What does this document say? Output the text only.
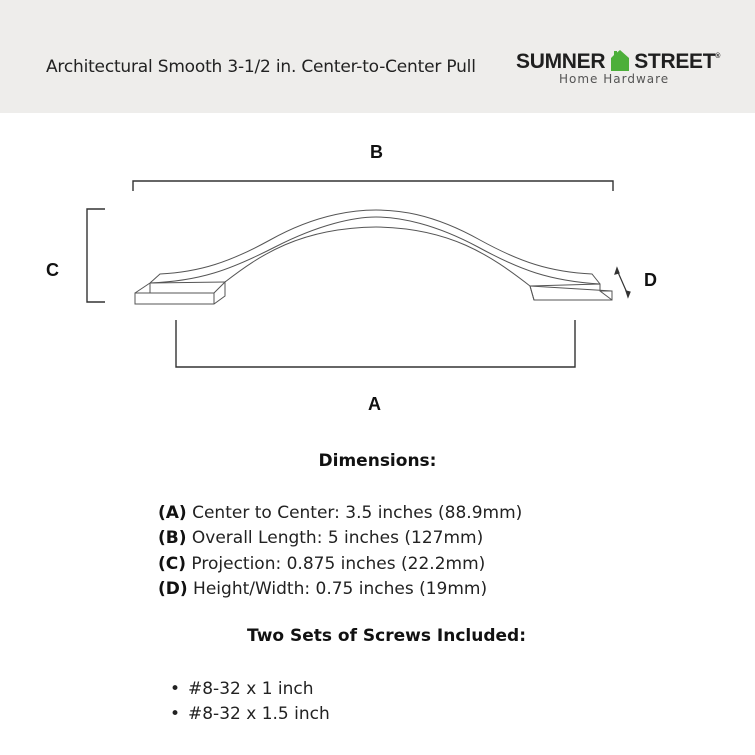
Architectural Smooth 3-1/2 in. Center-to-Center Pull SUMNER STREET®
Home Hardware
B
C	D
A
Dimensions:
(A) Center to Center: 3.5 inches (88.9mm)
(B) Overall Length: 5 inches (127mm)
(C) Projection: 0.875 inches (22.2mm)
(D) Height/Width: 0.75 inches (19mm)
Two Sets of Screws Included:
• #8-32 x 1 inch
• #8-32 x 1.5 inch
